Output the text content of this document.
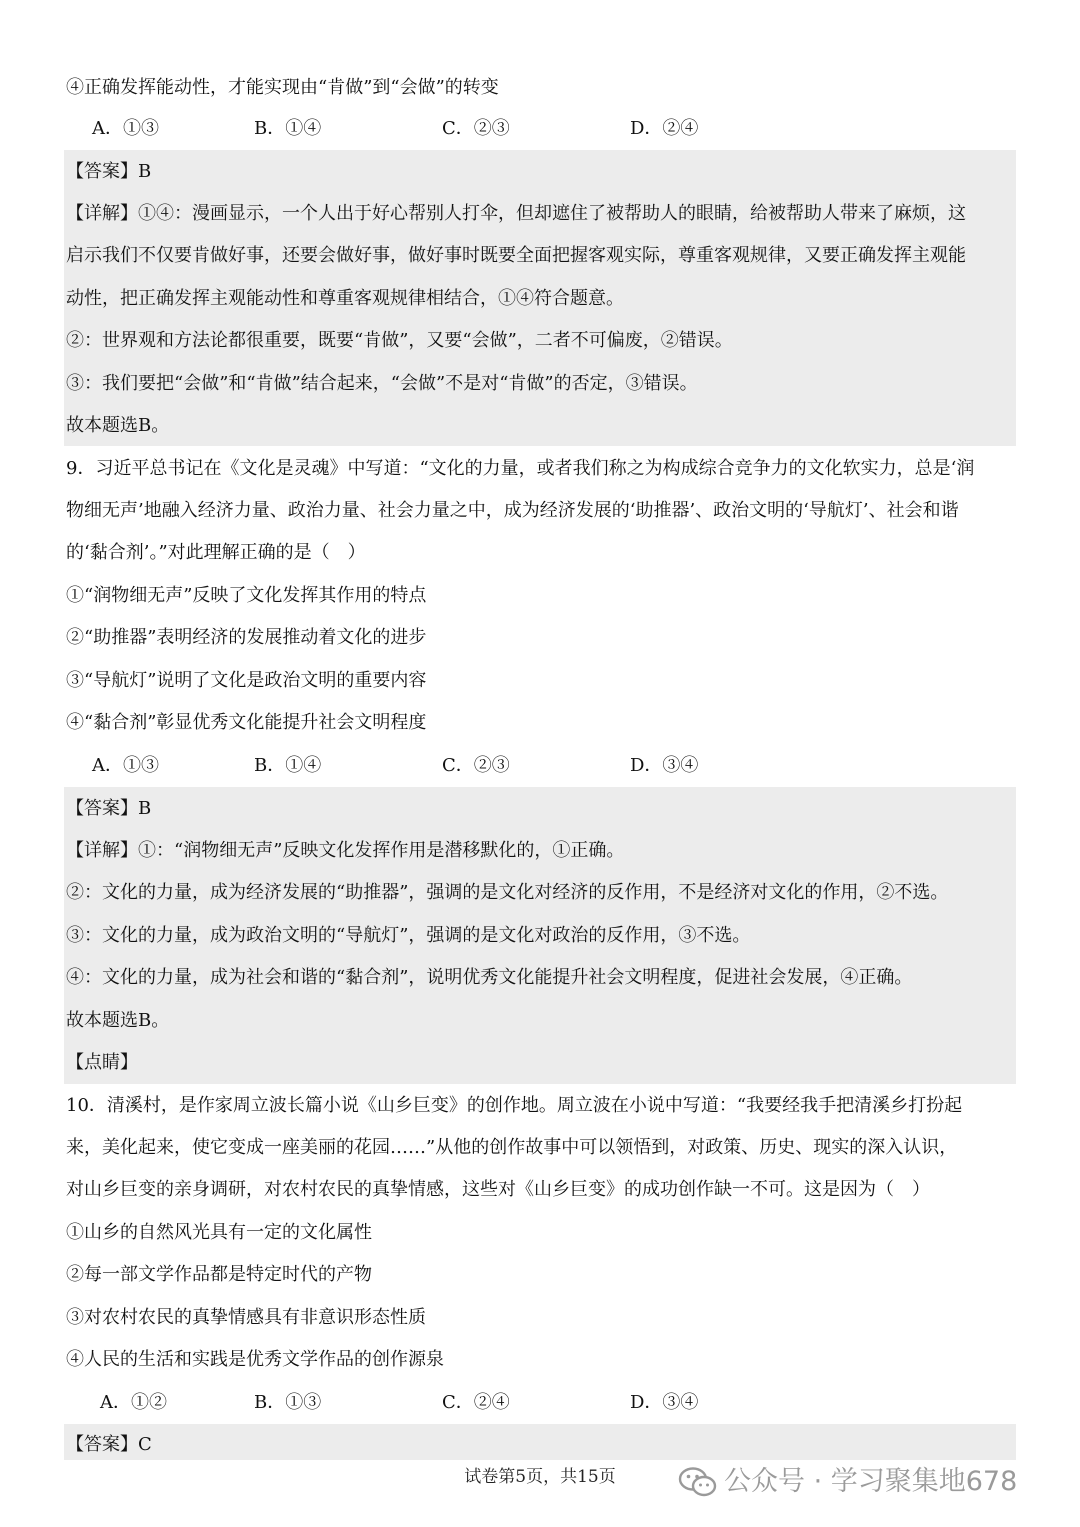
④正确发挥能动性，才能实现由“肯做”到“会做”的转变
A．①③	B．①④	C．②③	D．②④
【答案】B
【详解】①④：漫画显示，一个人出于好心帮别人打伞，但却遮住了被帮助人的眼睛，给被帮助人带来了麻烦，这
启示我们不仅要肯做好事，还要会做好事，做好事时既要全面把握客观实际，尊重客观规律，又要正确发挥主观能
动性，把正确发挥主观能动性和尊重客观规律相结合，①④符合题意。
②：世界观和方法论都很重要，既要“肯做”，又要“会做”，二者不可偏废，②错误。
③：我们要把“会做”和“肯做”结合起来，“会做”不是对“肯做”的否定，③错误。
故本题选B。
9．习近平总书记在《文化是灵魂》中写道：“文化的力量，或者我们称之为构成综合竞争力的文化软实力，总是‘润
物细无声’地融入经济力量、政治力量、社会力量之中，成为经济发展的‘助推器’、政治文明的‘导航灯’、社会和谐
的‘黏合剂’。”对此理解正确的是（　）
①“润物细无声”反映了文化发挥其作用的特点
②“助推器”表明经济的发展推动着文化的进步
③“导航灯”说明了文化是政治文明的重要内容
④“黏合剂”彰显优秀文化能提升社会文明程度
A．①③	B．①④	C．②③	D．③④
【答案】B
【详解】①：“润物细无声”反映文化发挥作用是潜移默化的，①正确。
②：文化的力量，成为经济发展的“助推器”，强调的是文化对经济的反作用，不是经济对文化的作用，②不选。
③：文化的力量，成为政治文明的“导航灯”，强调的是文化对政治的反作用，③不选。
④：文化的力量，成为社会和谐的“黏合剂”，说明优秀文化能提升社会文明程度，促进社会发展，④正确。
故本题选B。
【点睛】
10．清溪村，是作家周立波长篇小说《山乡巨变》的创作地。周立波在小说中写道：“我要经我手把清溪乡打扮起
来，美化起来，使它变成一座美丽的花园……”从他的创作故事中可以领悟到，对政策、历史、现实的深入认识，
对山乡巨变的亲身调研，对农村农民的真挚情感，这些对《山乡巨变》的成功创作缺一不可。这是因为（　）
①山乡的自然风光具有一定的文化属性
②每一部文学作品都是特定时代的产物
③对农村农民的真挚情感具有非意识形态性质
④人民的生活和实践是优秀文学作品的创作源泉
A．①②	B．①③	C．②④	D．③④
【答案】C
试卷第5页，共15页	公众号 · 学习聚集地678
